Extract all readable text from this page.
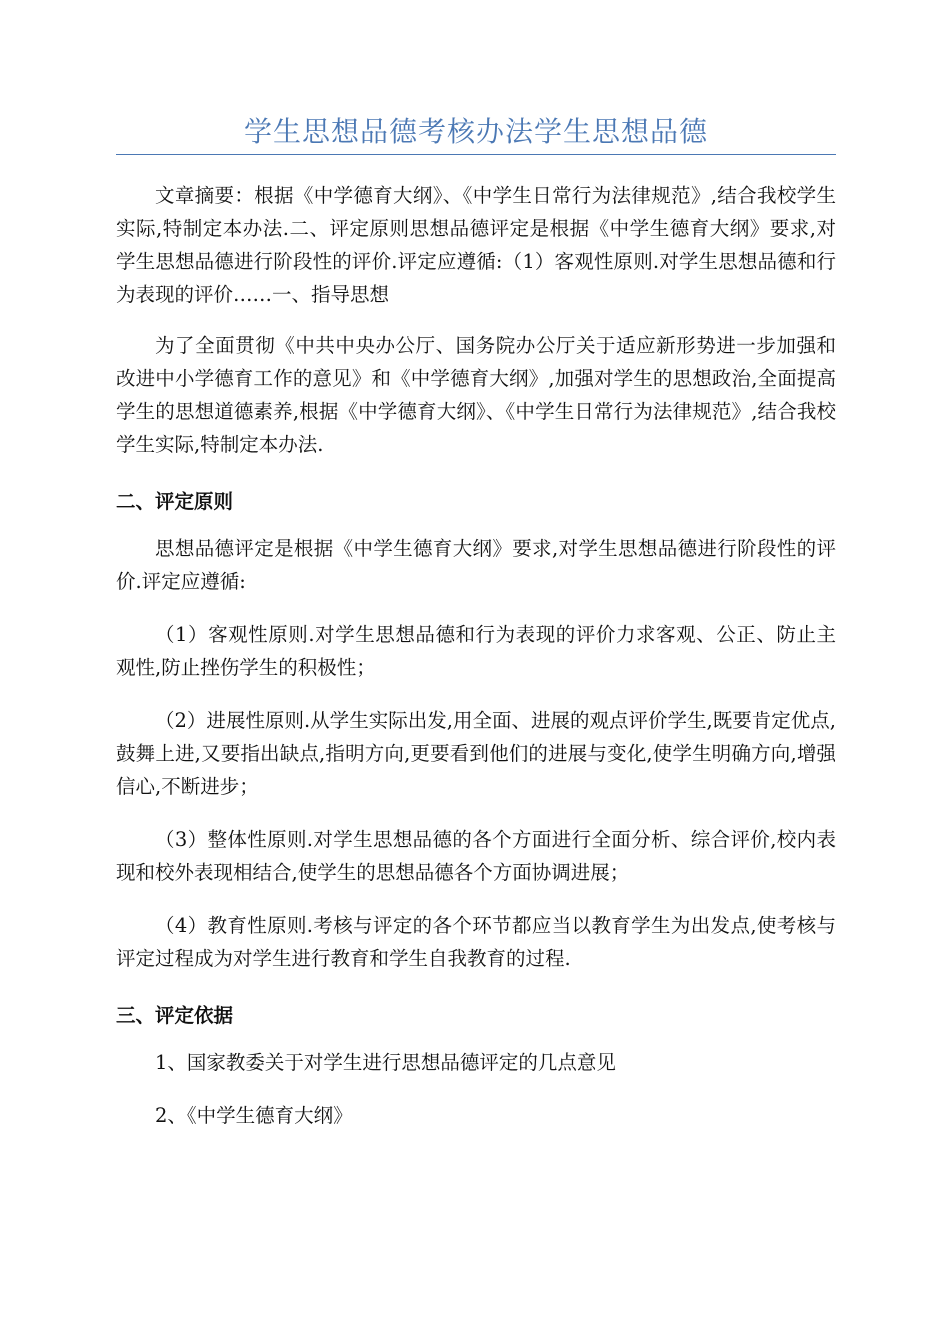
学生思想品德考核办法学生思想品德

文章摘要：根据《中学德育大纲》、《中学生日常行为法律规范》,结合我校学生实际,特制定本办法.二、评定原则思想品德评定是根据《中学生德育大纲》要求,对学生思想品德进行阶段性的评价.评定应遵循:（1）客观性原则.对学生思想品德和行为表现的评价……一、指导思想

为了全面贯彻《中共中央办公厅、国务院办公厅关于适应新形势进一步加强和改进中小学德育工作的意见》和《中学德育大纲》,加强对学生的思想政治,全面提高学生的思想道德素养,根据《中学德育大纲》、《中学生日常行为法律规范》,结合我校学生实际,特制定本办法.

二、评定原则

思想品德评定是根据《中学生德育大纲》要求,对学生思想品德进行阶段性的评价.评定应遵循:

（1）客观性原则.对学生思想品德和行为表现的评价力求客观、公正、防止主观性,防止挫伤学生的积极性；

（2）进展性原则.从学生实际出发,用全面、进展的观点评价学生,既要肯定优点,鼓舞上进,又要指出缺点,指明方向,更要看到他们的进展与变化,使学生明确方向,增强信心,不断进步；

（3）整体性原则.对学生思想品德的各个方面进行全面分析、综合评价,校内表现和校外表现相结合,使学生的思想品德各个方面协调进展；

（4）教育性原则.考核与评定的各个环节都应当以教育学生为出发点,使考核与评定过程成为对学生进行教育和学生自我教育的过程.

三、评定依据

1、国家教委关于对学生进行思想品德评定的几点意见

2、《中学生德育大纲》
